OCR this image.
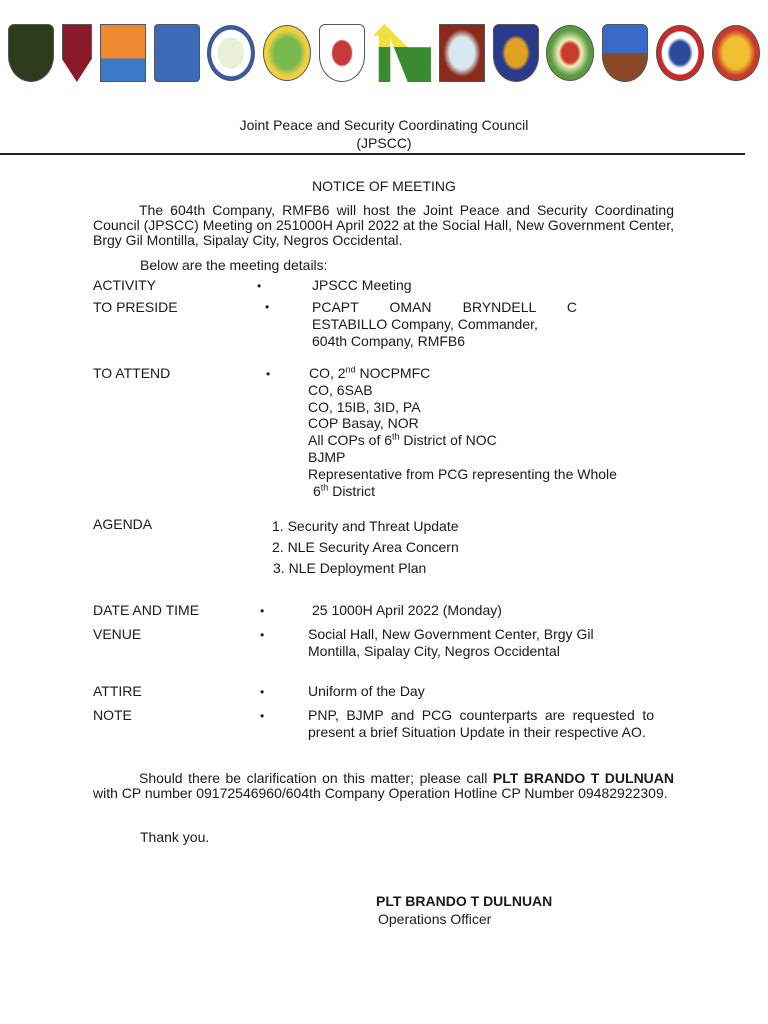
Joint Peace and Security Coordinating Council
(JPSCC)
NOTICE OF MEETING
The 604th Company, RMFB6 will host the Joint Peace and Security Coordinating Council (JPSCC) Meeting on 251000H April 2022 at the Social Hall, New Government Center, Brgy Gil Montilla, Sipalay City, Negros Occidental.
Below are the meeting details:
ACTIVITY	•	JPSCC Meeting
TO PRESIDE	•	PCAPT OMAN BRYNDELL C
ESTABILLO Company, Commander,
604th Company, RMFB6
TO ATTEND	•	CO, 2nd NOCPMFC
CO, 6SAB
CO, 15IB, 3ID, PA
COP Basay, NOR
All COPs of 6th District of NOC
BJMP
Representative from PCG representing the Whole
6th District
AGENDA	1. Security and Threat Update
2. NLE Security Area Concern
3. NLE Deployment Plan
DATE AND TIME	•	25 1000H April 2022 (Monday)
VENUE	•	Social Hall, New Government Center, Brgy Gil
Montilla, Sipalay City, Negros Occidental
ATTIRE	•	Uniform of the Day
NOTE	•	PNP, BJMP and PCG counterparts are requested to present a brief Situation Update in their respective AO.
Should there be clarification on this matter; please call PLT BRANDO T DULNUAN with CP number 09172546960/604th Company Operation Hotline CP Number 09482922309.
Thank you.
PLT BRANDO T DULNUAN
Operations Officer
